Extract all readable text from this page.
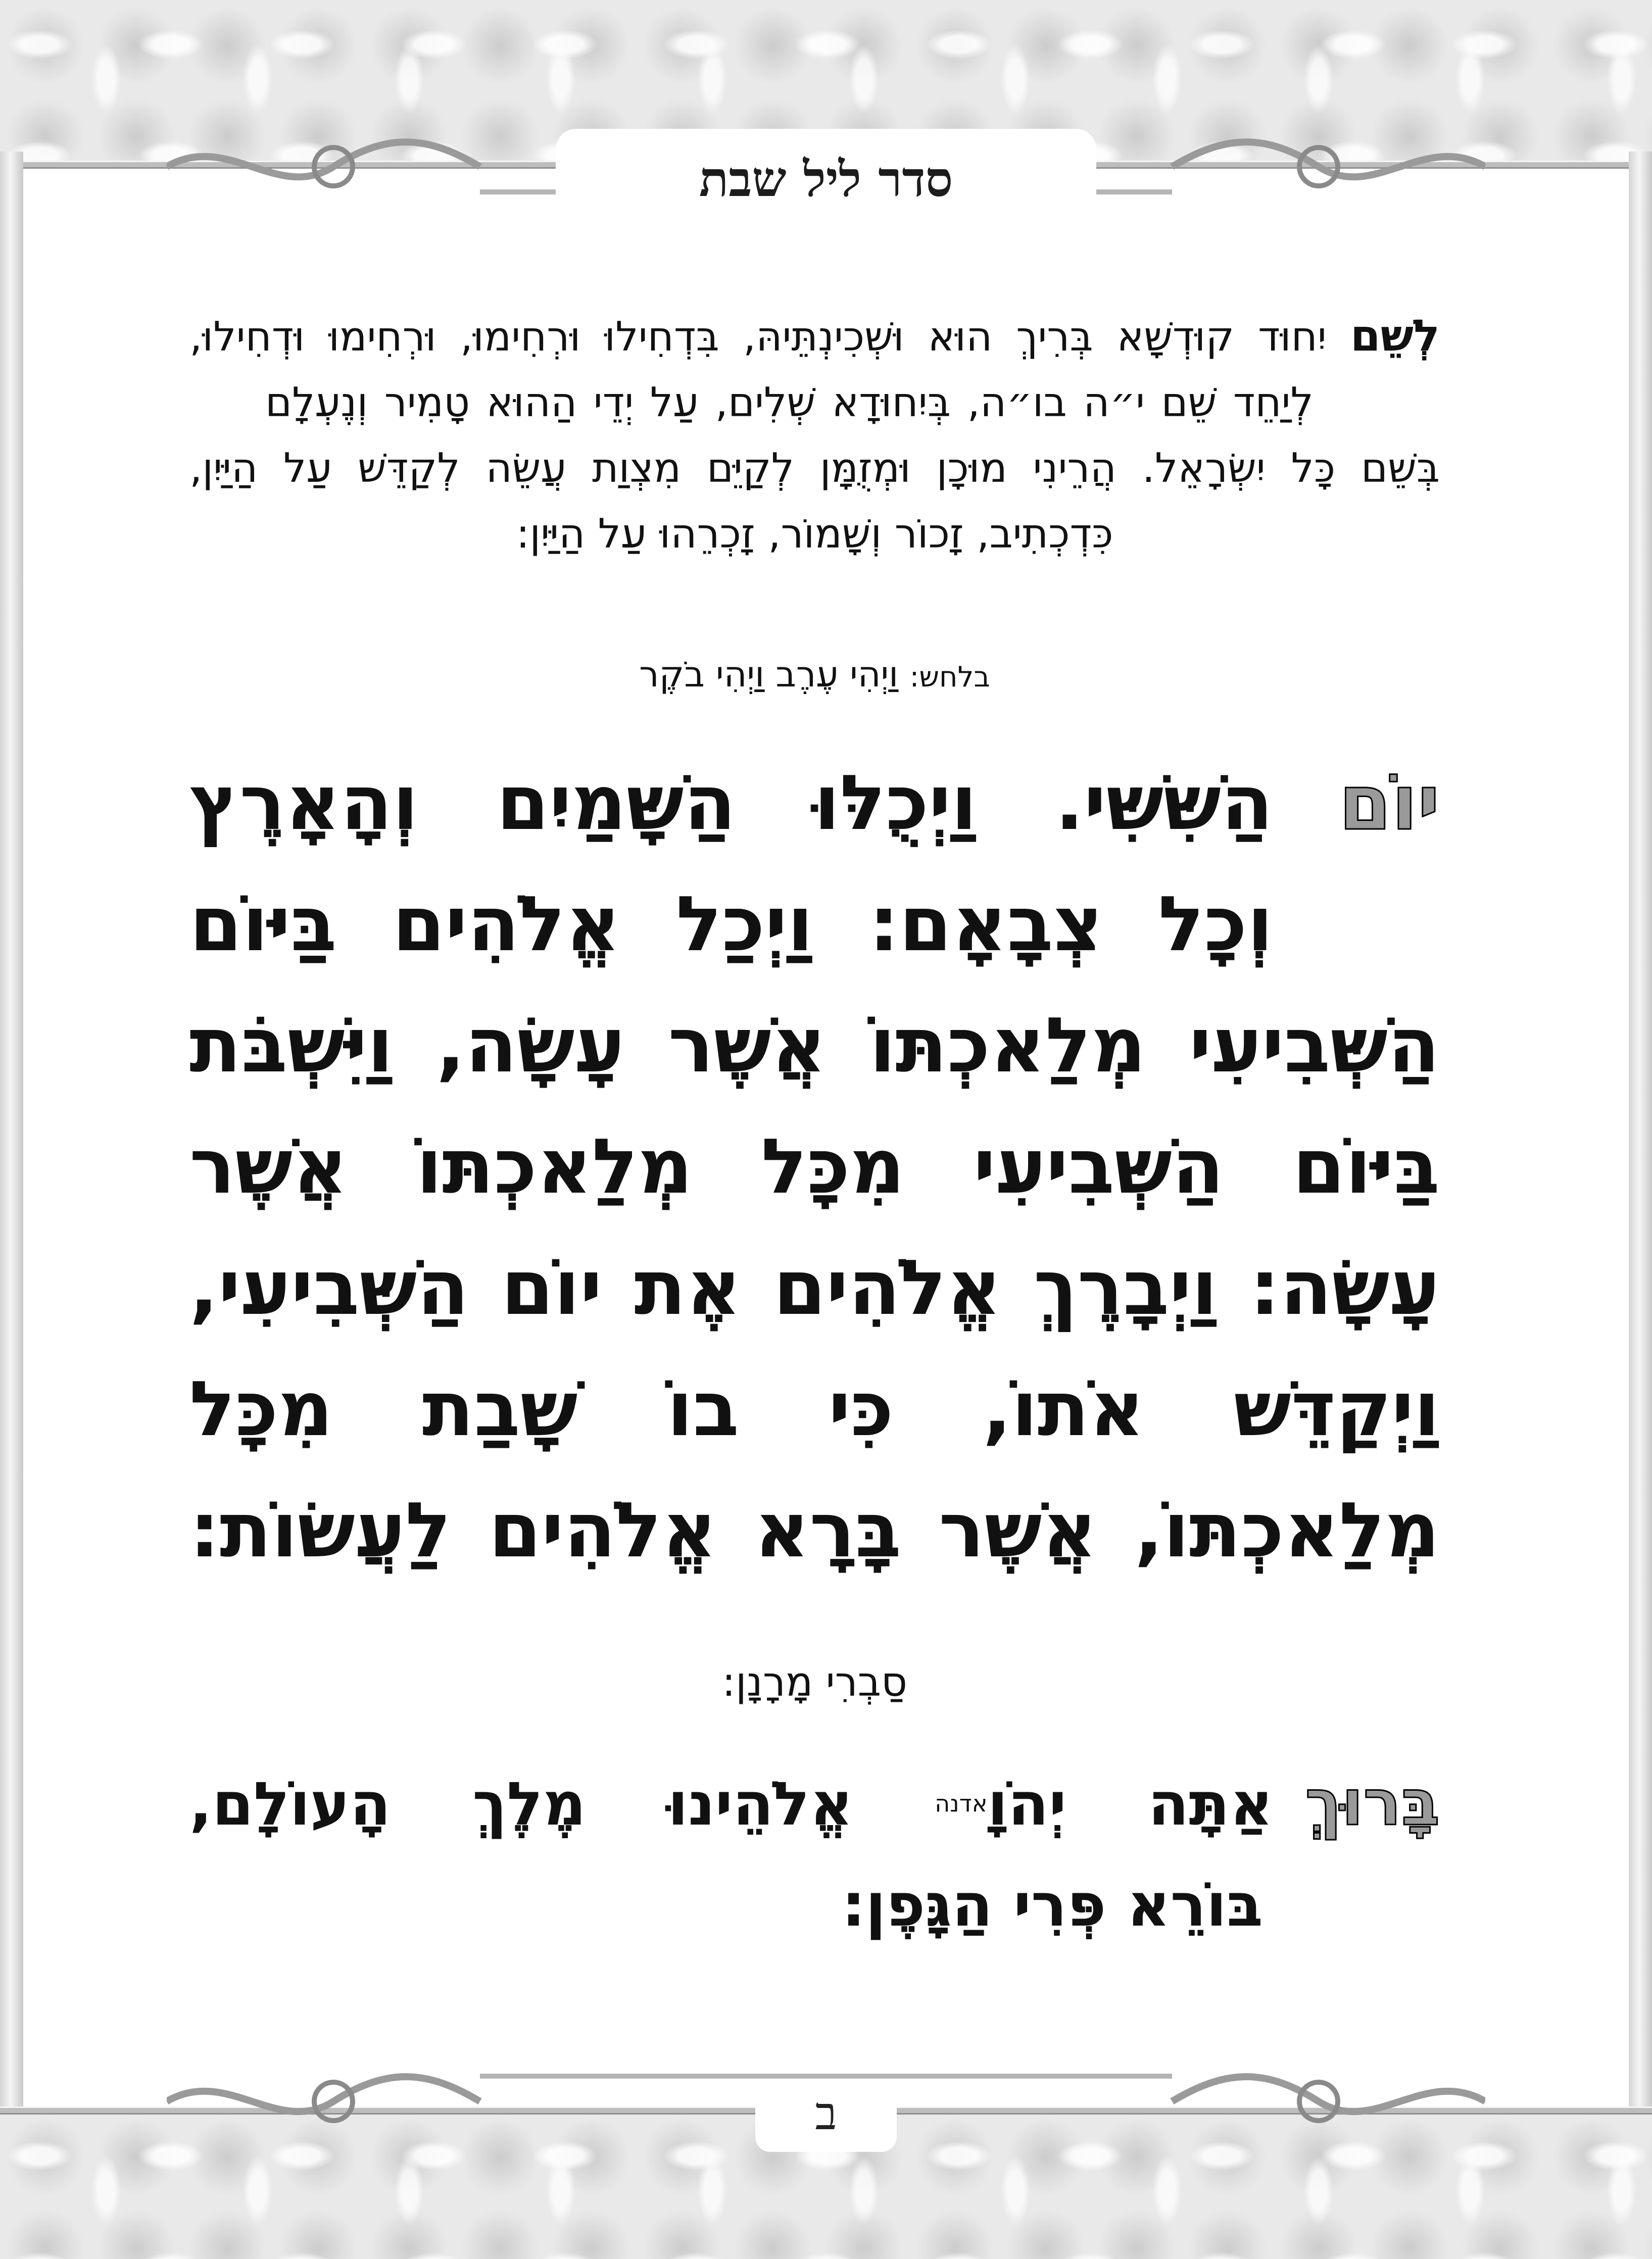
סדר ליל שבת

לְשֵׁם יִחוּד קוּדְשָׁא בְּרִיךְ הוּא וּשְׁכִינְתֵּיהּ, בִּדְחִילוּ וּרְחִימוּ, וּרְחִימוּ וּדְחִילוּ,

לְיַחֵד שֵׁם י״ה בו״ה, בְּיִחוּדָא שְׁלִים, עַל יְדֵי הַהוּא טָמִיר וְנֶעְלָם

בְּשֵׁם כָּל יִשְׂרָאֵל. הֲרֵינִי מוּכָן וּמְזֻמָּן לְקַיֵּם מִצְוַת עֲשֵׂה לְקַדֵּשׁ עַל הַיַּיִן,

כִּדְכְתִיב, זָכוֹר וְשָׁמוֹר, זָכְרֵהוּ עַל הַיַּיִן:

בלחש: וַיְהִי עֶרֶב וַיְהִי בֹקֶר

יוֹםהַשִּׁשִּׁי. וַיְכֻלּוּ הַשָּׁמַיִם וְהָאָרֶץ

וְכָל צְבָאָם: וַיְכַל אֱלֹהִים בַּיּוֹם

הַשְּׁבִיעִי מְלַאכְתּוֹ אֲשֶׁר עָשָׂה, וַיִּשְׁבֹּת

בַּיּוֹם הַשְּׁבִיעִי מִכָּל מְלַאכְתּוֹ אֲשֶׁר

עָשָׂה: וַיְבָרֶךְ אֱלֹהִים אֶת יוֹם הַשְּׁבִיעִי,

וַיְקַדֵּשׁ אֹתוֹ, כִּי בוֹ שָׁבַת מִכָּל

מְלַאכְתּוֹ, אֲשֶׁר בָּרָא אֱלֹהִים לַעֲשׂוֹת:

סַבְרִי מָרָנָן:

בָּרוּךְאַתָּה יְהֹוָ$^{אדנה}$ אֱלֹהֵינוּ מֶלֶךְ הָעוֹלָם,

בּוֹרֵא פְּרִי הַגָּפֶן:

ב
